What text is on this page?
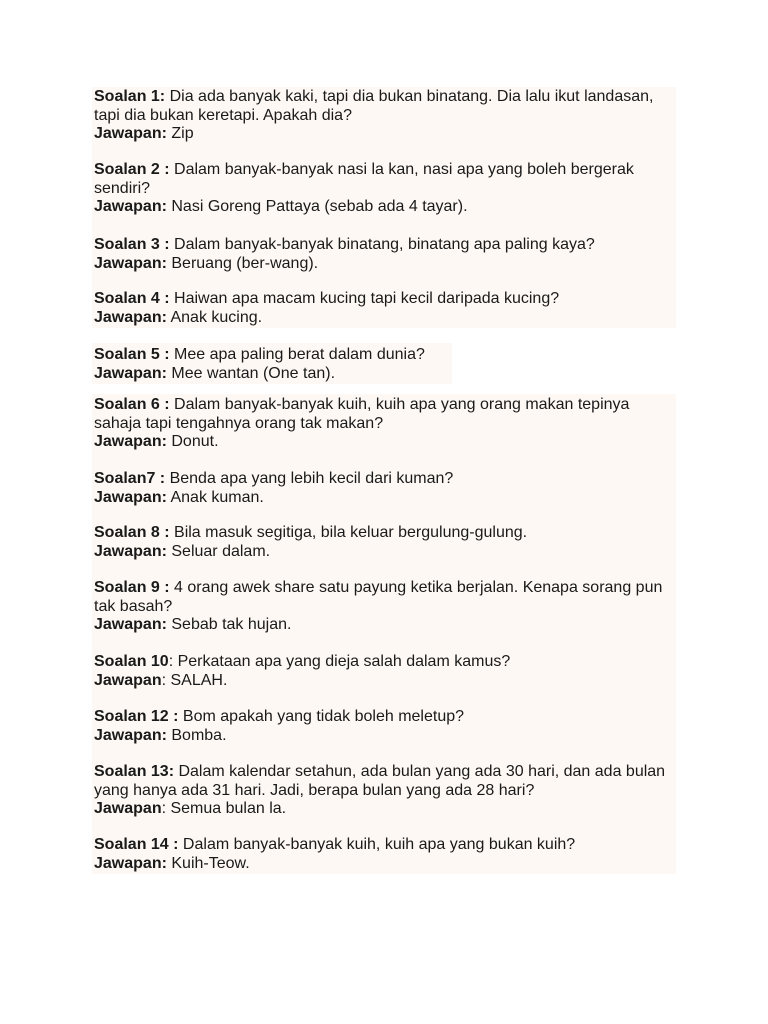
Soalan 1: Dia ada banyak kaki, tapi dia bukan binatang. Dia lalu ikut landasan, tapi dia bukan keretapi. Apakah dia?

Jawapan: Zip

Soalan 2 : Dalam banyak-banyak nasi la kan, nasi apa yang boleh bergerak sendiri?

Jawapan: Nasi Goreng Pattaya (sebab ada 4 tayar).

Soalan 3 : Dalam banyak-banyak binatang, binatang apa paling kaya?

Jawapan: Beruang (ber-wang).

Soalan 4 : Haiwan apa macam kucing tapi kecil daripada kucing?

Jawapan: Anak kucing.

Soalan 5 : Mee apa paling berat dalam dunia?

Jawapan: Mee wantan (One tan).

Soalan 6 : Dalam banyak-banyak kuih, kuih apa yang orang makan tepinya sahaja tapi tengahnya orang tak makan?

Jawapan: Donut.

Soalan7 : Benda apa yang lebih kecil dari kuman?

Jawapan: Anak kuman.

Soalan 8 : Bila masuk segitiga, bila keluar bergulung-gulung.

Jawapan: Seluar dalam.

Soalan 9 : 4 orang awek share satu payung ketika berjalan. Kenapa sorang pun tak basah?

Jawapan: Sebab tak hujan.

Soalan 10: Perkataan apa yang dieja salah dalam kamus?

Jawapan: SALAH.

Soalan 12 : Bom apakah yang tidak boleh meletup?

Jawapan: Bomba.

Soalan 13: Dalam kalendar setahun, ada bulan yang ada 30 hari, dan ada bulan yang hanya ada 31 hari. Jadi, berapa bulan yang ada 28 hari?

Jawapan: Semua bulan la.

Soalan 14 : Dalam banyak-banyak kuih, kuih apa yang bukan kuih?

Jawapan: Kuih-Teow.
